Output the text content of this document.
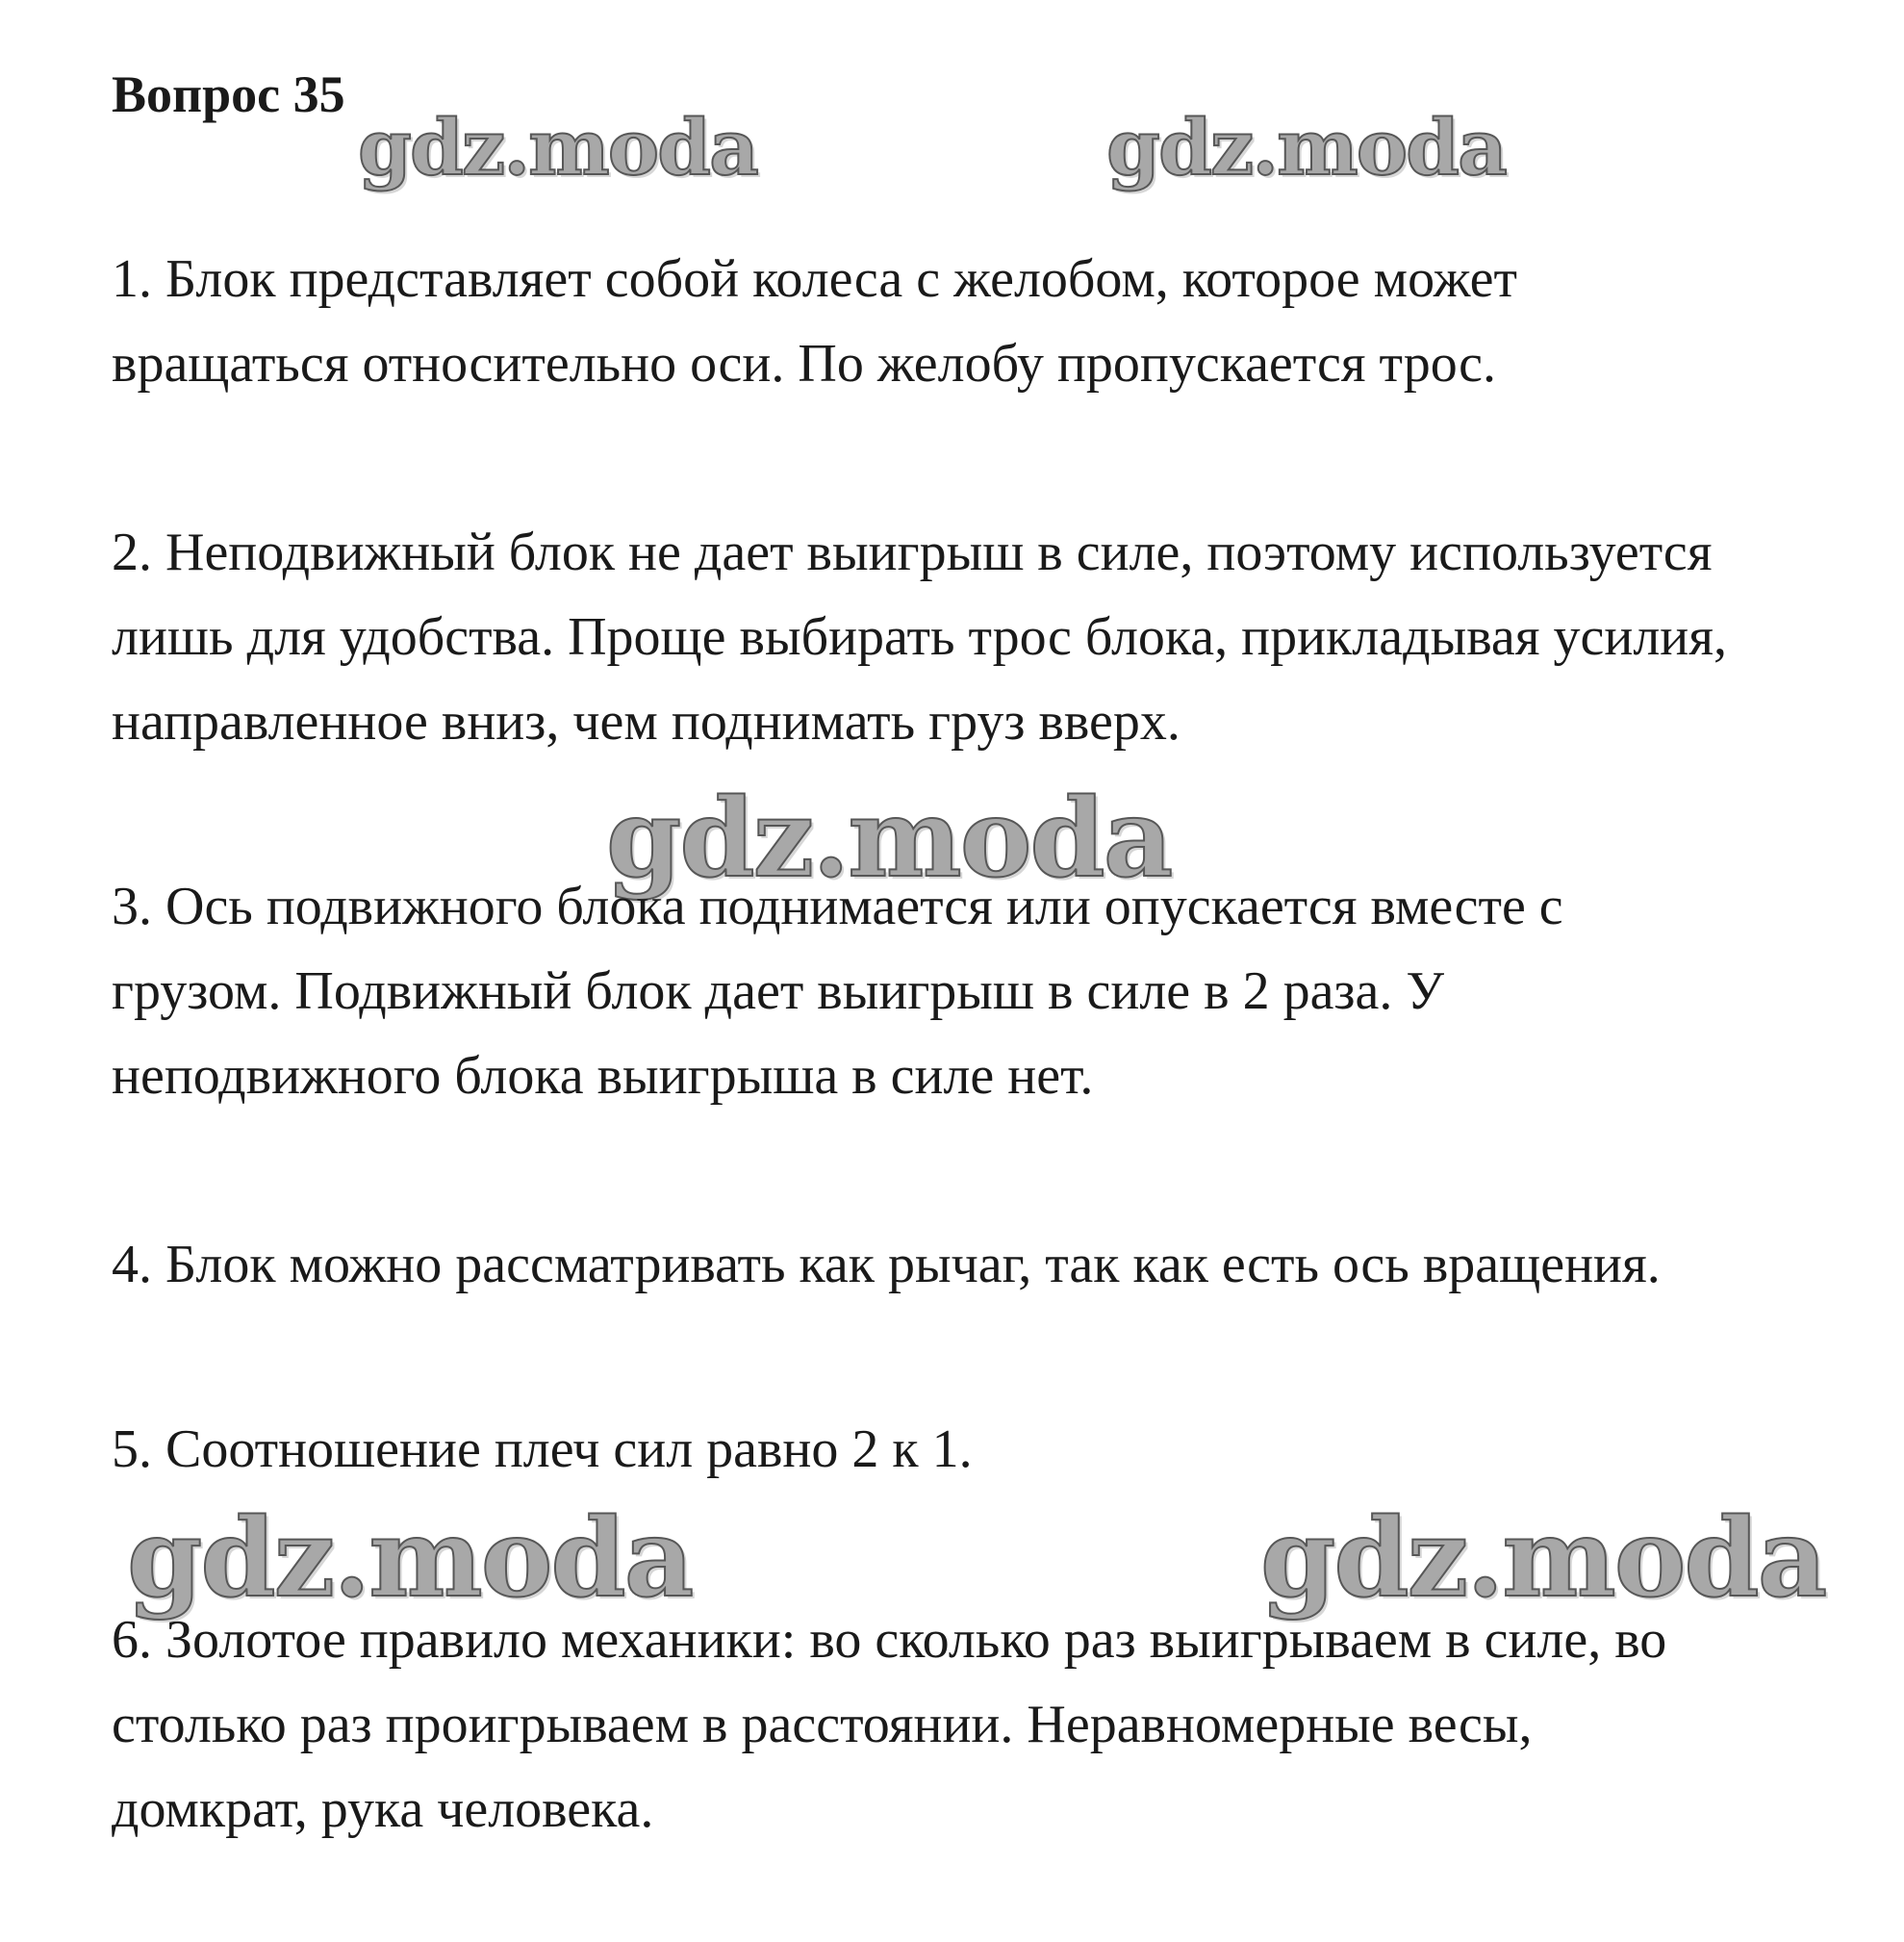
Вопрос 35
gdz.moda	gdz.moda
1. Блок представляет собой колеса с желобом, которое может
вращаться относительно оси. По желобу пропускается трос.
2. Неподвижный блок не дает выигрыш в силе, поэтому используется
лишь для удобства. Проще выбирать трос блока, прикладывая усилия,
направленное вниз, чем поднимать груз вверх.
gdz.moda
3. Ось подвижного блока поднимается или опускается вместе с
грузом. Подвижный блок дает выигрыш в силе в 2 раза. У
неподвижного блока выигрыша в силе нет.
4. Блок можно рассматривать как рычаг, так как есть ось вращения.
5. Соотношение плеч сил равно 2 к 1.
gdz.moda	gdz.moda
6. Золотое правило механики: во сколько раз выигрываем в силе, во
столько раз проигрываем в расстоянии. Неравномерные весы,
домкрат, рука человека.
